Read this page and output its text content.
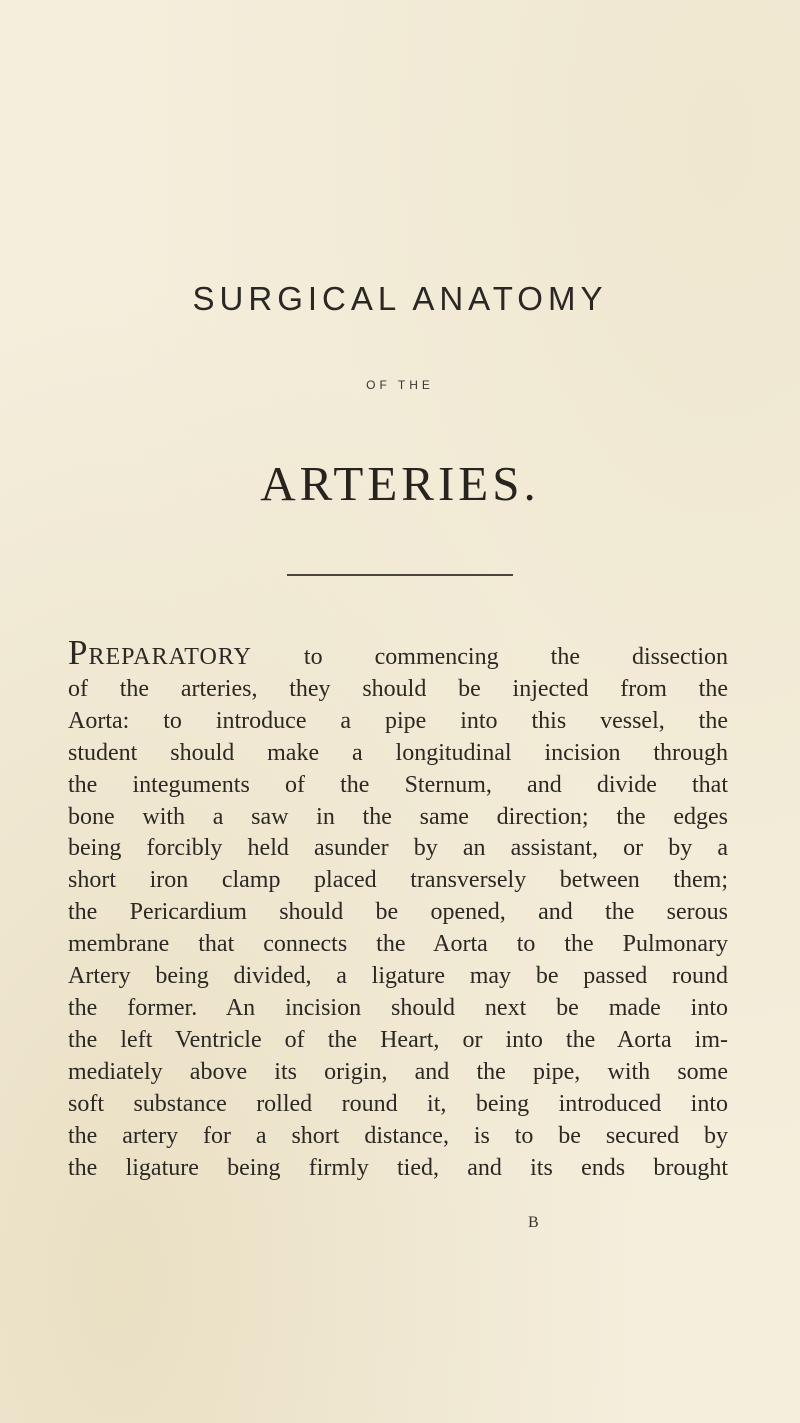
SURGICAL ANATOMY
OF THE
ARTERIES.
PREPARATORY to commencing the dissection
of the arteries, they should be injected from the
Aorta: to introduce a pipe into this vessel, the
student should make a longitudinal incision through
the integuments of the Sternum, and divide that
bone with a saw in the same direction; the edges
being forcibly held asunder by an assistant, or by a
short iron clamp placed transversely between them;
the Pericardium should be opened, and the serous
membrane that connects the Aorta to the Pulmonary
Artery being divided, a ligature may be passed round
the former. An incision should next be made into
the left Ventricle of the Heart, or into the Aorta im-
mediately above its origin, and the pipe, with some
soft substance rolled round it, being introduced into
the artery for a short distance, is to be secured by
the ligature being firmly tied, and its ends brought
B
